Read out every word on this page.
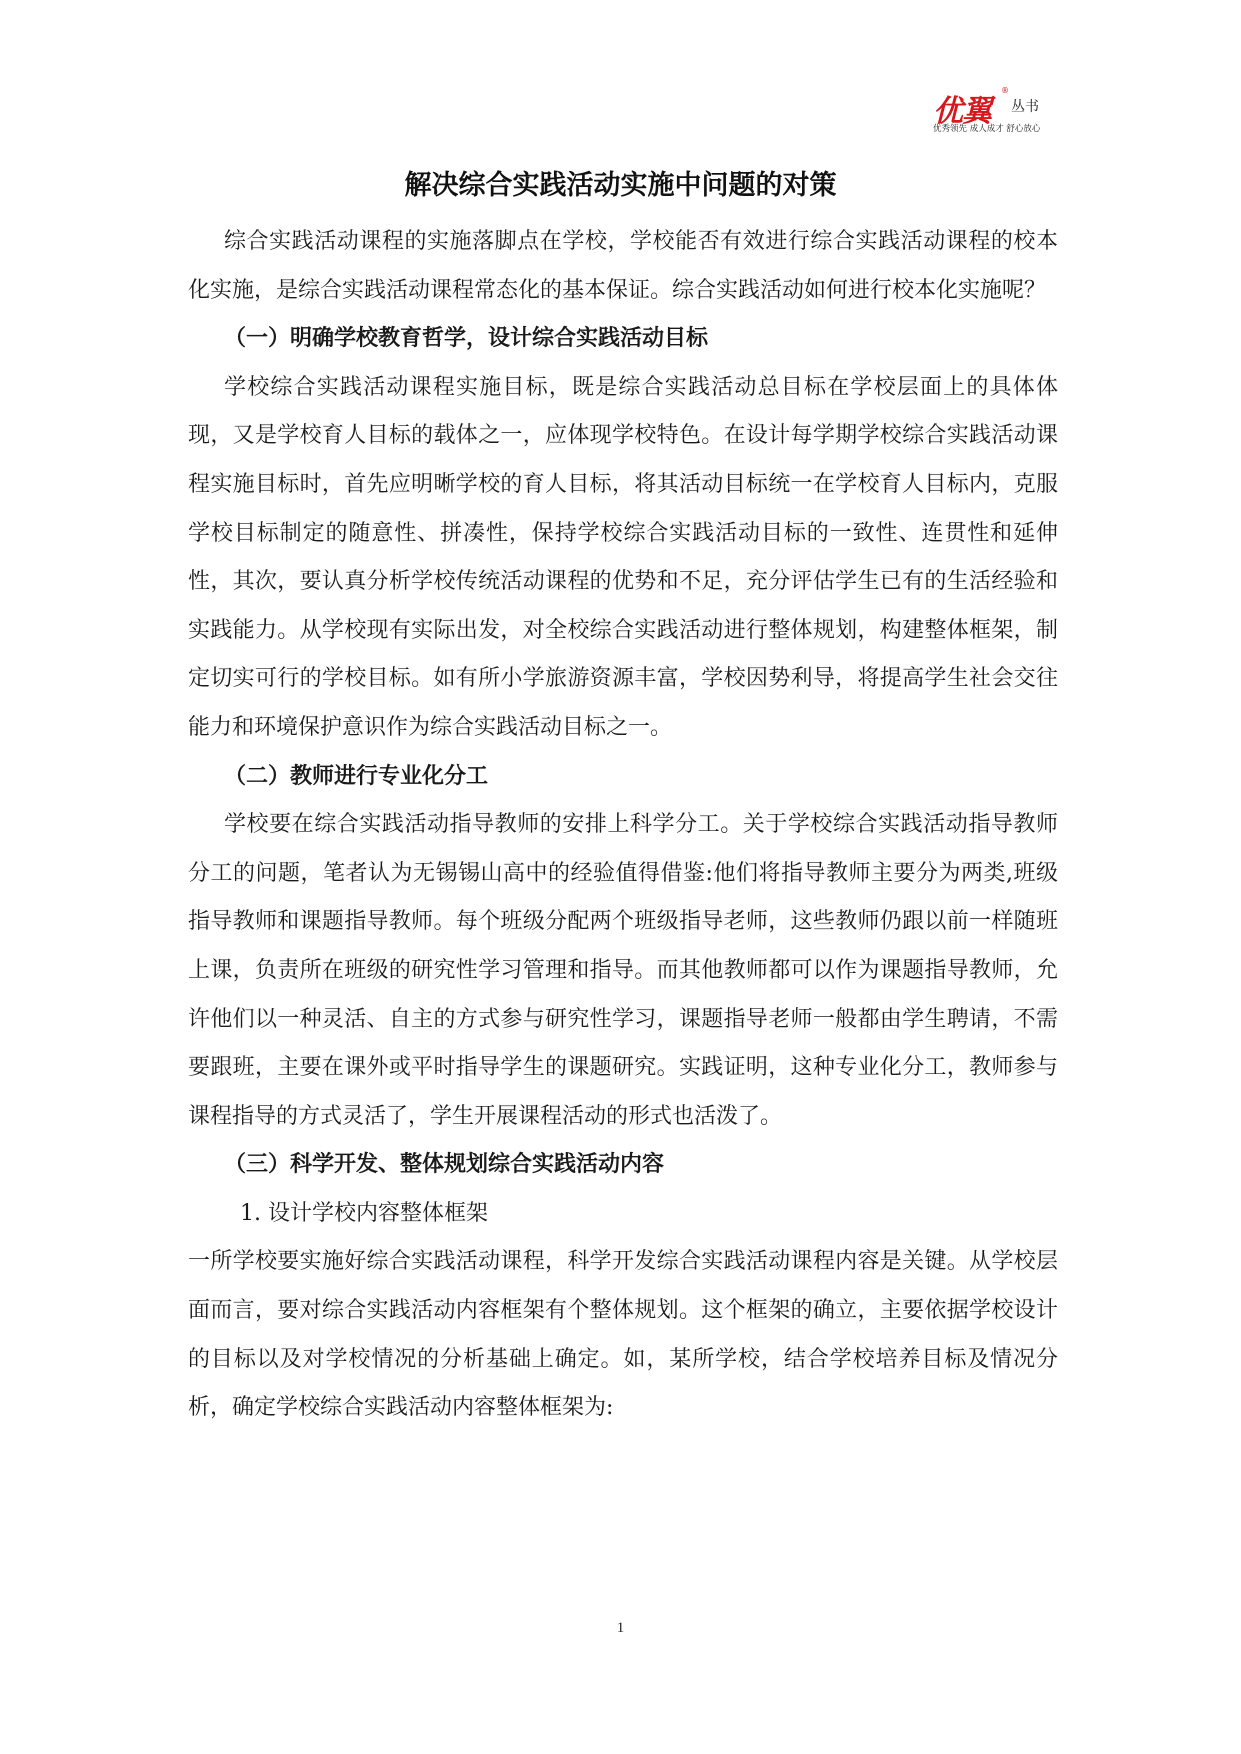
优翼
®
丛书
优秀领先 成人成才 舒心放心
解决综合实践活动实施中问题的对策

综合实践活动课程的实施落脚点在学校，学校能否有效进行综合实践活动课程的校本化实施，是综合实践活动课程常态化的基本保证。综合实践活动如何进行校本化实施呢？

（一）明确学校教育哲学，设计综合实践活动目标

学校综合实践活动课程实施目标，既是综合实践活动总目标在学校层面上的具体体现，又是学校育人目标的载体之一，应体现学校特色。在设计每学期学校综合实践活动课程实施目标时，首先应明晰学校的育人目标，将其活动目标统一在学校育人目标内，克服学校目标制定的随意性、拼凑性，保持学校综合实践活动目标的一致性、连贯性和延伸性，其次，要认真分析学校传统活动课程的优势和不足，充分评估学生已有的生活经验和实践能力。从学校现有实际出发，对全校综合实践活动进行整体规划，构建整体框架，制定切实可行的学校目标。如有所小学旅游资源丰富，学校因势利导，将提高学生社会交往能力和环境保护意识作为综合实践活动目标之一。

（二）教师进行专业化分工

学校要在综合实践活动指导教师的安排上科学分工。关于学校综合实践活动指导教师分工的问题，笔者认为无锡锡山高中的经验值得借鉴:他们将指导教师主要分为两类,班级指导教师和课题指导教师。每个班级分配两个班级指导老师，这些教师仍跟以前一样随班上课，负责所在班级的研究性学习管理和指导。而其他教师都可以作为课题指导教师，允许他们以一种灵活、自主的方式参与研究性学习，课题指导老师一般都由学生聘请，不需要跟班，主要在课外或平时指导学生的课题研究。实践证明，这种专业化分工，教师参与课程指导的方式灵活了，学生开展课程活动的形式也活泼了。

（三）科学开发、整体规划综合实践活动内容

1. 设计学校内容整体框架

一所学校要实施好综合实践活动课程，科学开发综合实践活动课程内容是关键。从学校层面而言，要对综合实践活动内容框架有个整体规划。这个框架的确立，主要依据学校设计的目标以及对学校情况的分析基础上确定。如，某所学校，结合学校培养目标及情况分析，确定学校综合实践活动内容整体框架为:

1
